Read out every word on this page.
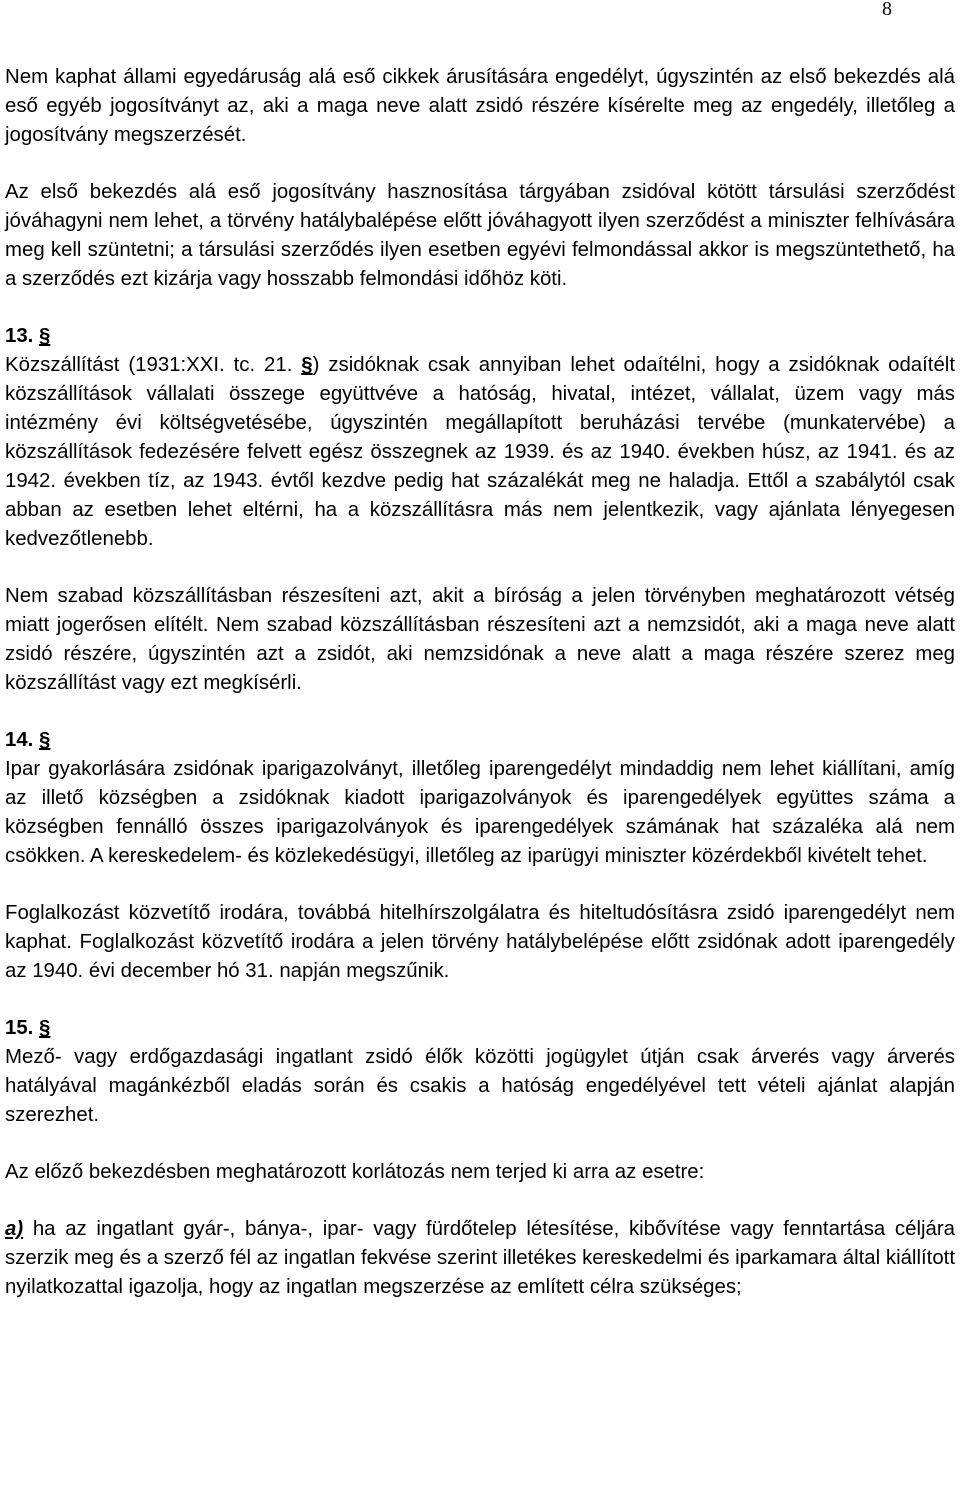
8

Nem kaphat állami egyedáruság alá eső cikkek árusítására engedélyt, úgyszintén az első bekezdés alá eső egyéb jogosítványt az, aki a maga neve alatt zsidó részére kísérelte meg az engedély, illetőleg a jogosítvány megszerzését.

Az első bekezdés alá eső jogosítvány hasznosítása tárgyában zsidóval kötött társulási szerződést jóváhagyni nem lehet, a törvény hatálybalépése előtt jóváhagyott ilyen szerződést a miniszter felhívására meg kell szüntetni; a társulási szerződés ilyen esetben egyévi felmondással akkor is megszüntethető, ha a szerződés ezt kizárja vagy hosszabb felmondási időhöz köti.

13. §

Közszállítást (1931:XXI. tc. 21. §) zsidóknak csak annyiban lehet odaítélni, hogy a zsidóknak odaítélt közszállítások vállalati összege együttvéve a hatóság, hivatal, intézet, vállalat, üzem vagy más intézmény évi költségvetésébe, úgyszintén megállapított beruházási tervébe (munkatervébe) a közszállítások fedezésére felvett egész összegnek az 1939. és az 1940. években húsz, az 1941. és az 1942. években tíz, az 1943. évtől kezdve pedig hat százalékát meg ne haladja. Ettől a szabálytól csak abban az esetben lehet eltérni, ha a közszállításra más nem jelentkezik, vagy ajánlata lényegesen kedvezőtlenebb.

Nem szabad közszállításban részesíteni azt, akit a bíróság a jelen törvényben meghatározott vétség miatt jogerősen elítélt. Nem szabad közszállításban részesíteni azt a nemzsidót, aki a maga neve alatt zsidó részére, úgyszintén azt a zsidót, aki nemzsidónak a neve alatt a maga részére szerez meg közszállítást vagy ezt megkísérli.

14. §

Ipar gyakorlására zsidónak iparigazolványt, illetőleg iparengedélyt mindaddig nem lehet kiállítani, amíg az illető községben a zsidóknak kiadott iparigazolványok és iparengedélyek együttes száma a községben fennálló összes iparigazolványok és iparengedélyek számának hat százaléka alá nem csökken. A kereskedelem- és közlekedésügyi, illetőleg az iparügyi miniszter közérdekből kivételt tehet.

Foglalkozást közvetítő irodára, továbbá hitelhírszolgálatra és hiteltudósításra zsidó iparengedélyt nem kaphat. Foglalkozást közvetítő irodára a jelen törvény hatálybelépése előtt zsidónak adott iparengedély az 1940. évi december hó 31. napján megszűnik.

15. §

Mező- vagy erdőgazdasági ingatlant zsidó élők közötti jogügylet útján csak árverés vagy árverés hatályával magánkézből eladás során és csakis a hatóság engedélyével tett vételi ajánlat alapján szerezhet.

Az előző bekezdésben meghatározott korlátozás nem terjed ki arra az esetre:

a) ha az ingatlant gyár-, bánya-, ipar- vagy fürdőtelep létesítése, kibővítése vagy fenntartása céljára szerzik meg és a szerző fél az ingatlan fekvése szerint illetékes kereskedelmi és iparkamara által kiállított nyilatkozattal igazolja, hogy az ingatlan megszerzése az említett célra szükséges;
